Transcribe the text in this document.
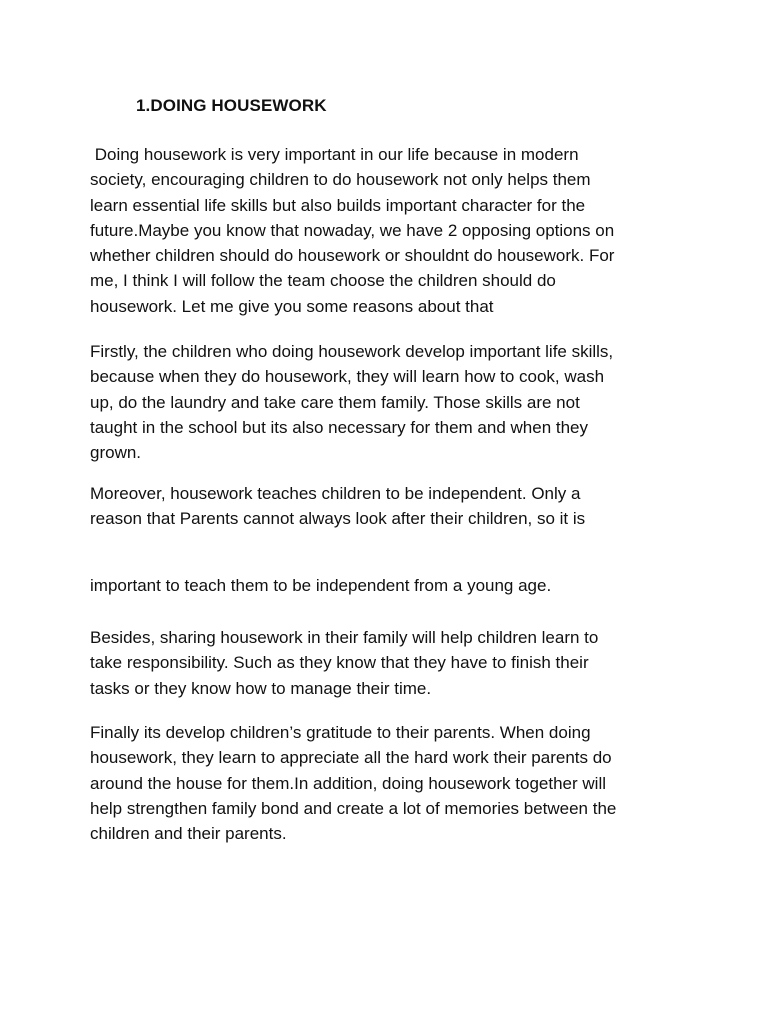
1.DOING HOUSEWORK

Doing housework is very important in our life because in modern
society, encouraging children to do housework not only helps them
learn essential life skills but also builds important character for the
future.Maybe you know that nowaday, we have 2 opposing options on
whether children should do housework or shouldnt do housework. For
me, I think I will follow the team choose the children should do
housework. Let me give you some reasons about that

Firstly, the children who doing housework develop important life skills,
because when they do housework, they will learn how to cook, wash
up, do the laundry and take care them family. Those skills are not
taught in the school but its also necessary for them and when they
grown.

Moreover, housework teaches children to be independent. Only a
reason that Parents cannot always look after their children, so it is

important to teach them to be independent from a young age.

Besides, sharing housework in their family will help children learn to
take responsibility. Such as they know that they have to finish their
tasks or they know how to manage their time.

Finally its develop children’s gratitude to their parents. When doing
housework, they learn to appreciate all the hard work their parents do
around the house for them.In addition, doing housework together will
help strengthen family bond and create a lot of memories between the
children and their parents.
